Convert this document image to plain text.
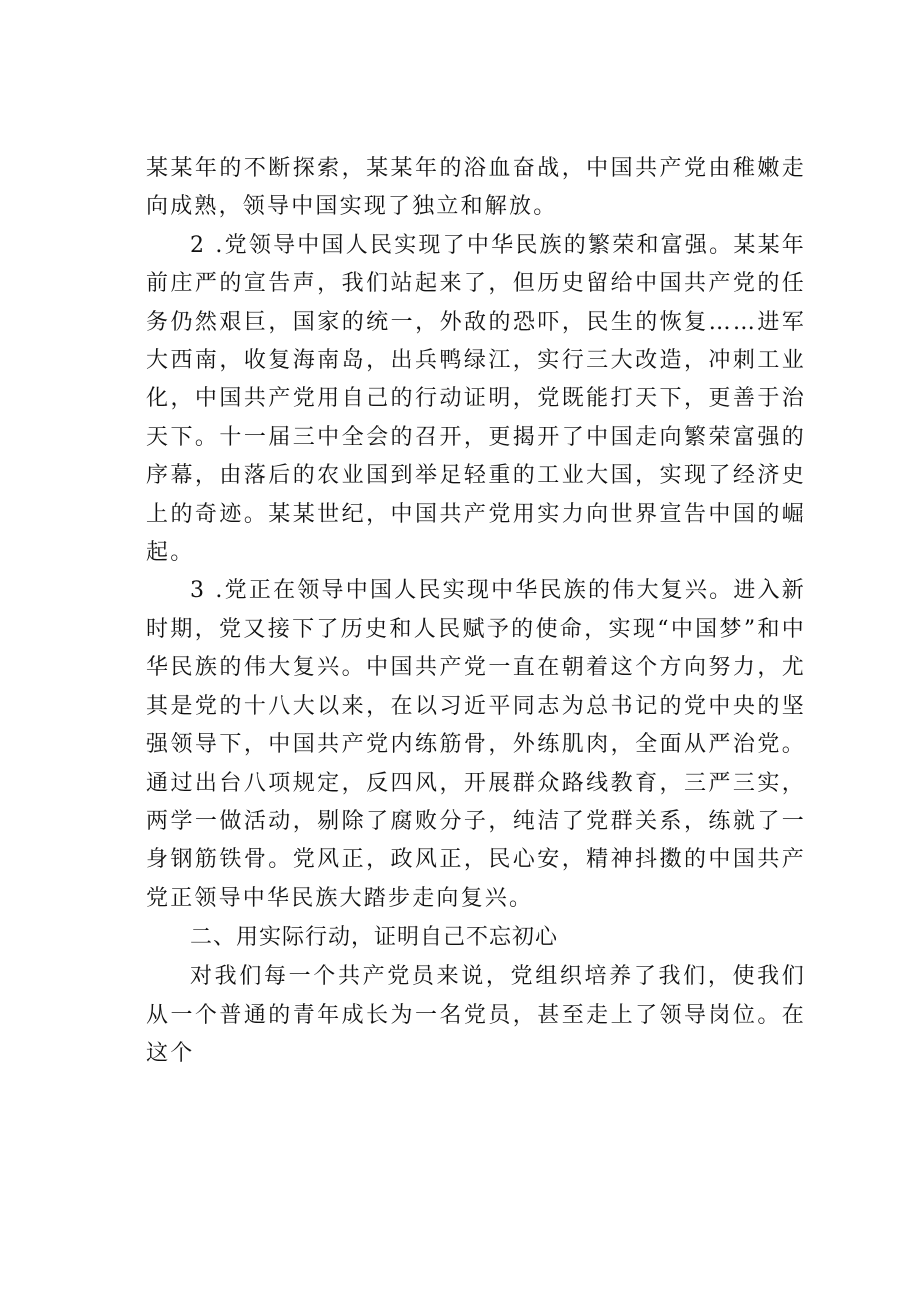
某某年的不断探索，某某年的浴血奋战，中国共产党由稚嫩走向成熟，领导中国实现了独立和解放。

2 .党领导中国人民实现了中华民族的繁荣和富强。某某年前庄严的宣告声，我们站起来了，但历史留给中国共产党的任务仍然艰巨，国家的统一，外敌的恐吓，民生的恢复……进军大西南，收复海南岛，出兵鸭绿江，实行三大改造，冲刺工业化，中国共产党用自己的行动证明，党既能打天下，更善于治天下。十一届三中全会的召开，更揭开了中国走向繁荣富强的序幕，由落后的农业国到举足轻重的工业大国，实现了经济史上的奇迹。某某世纪，中国共产党用实力向世界宣告中国的崛起。

3 .党正在领导中国人民实现中华民族的伟大复兴。进入新时期，党又接下了历史和人民赋予的使命，实现“中国梦”和中华民族的伟大复兴。中国共产党一直在朝着这个方向努力，尤其是党的十八大以来，在以习近平同志为总书记的党中央的坚强领导下，中国共产党内练筋骨，外练肌肉，全面从严治党。通过出台八项规定，反四风，开展群众路线教育，三严三实，两学一做活动，剔除了腐败分子，纯洁了党群关系，练就了一身钢筋铁骨。党风正，政风正，民心安，精神抖擞的中国共产党正领导中华民族大踏步走向复兴。

二、用实际行动，证明自己不忘初心

对我们每一个共产党员来说，党组织培养了我们，使我们从一个普通的青年成长为一名党员，甚至走上了领导岗位。在这个
